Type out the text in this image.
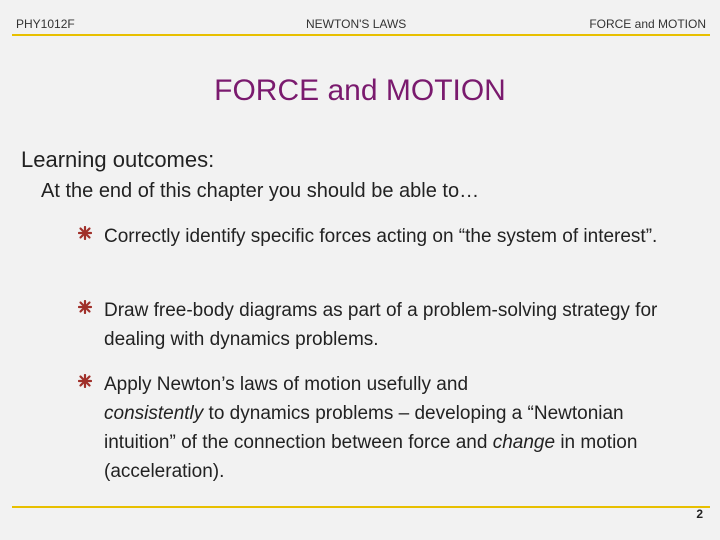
PHY1012F	NEWTON'S LAWS	FORCE and MOTION
FORCE and MOTION
Learning outcomes:
At the end of this chapter you should be able to…
Correctly identify specific forces acting on “the system of interest”.
Draw free-body diagrams as part of a problem-solving strategy for dealing with dynamics problems.
Apply Newton’s laws of motion usefully and
consistently to dynamics problems – developing a “Newtonian intuition” of the connection between force and change in motion (acceleration).
2
